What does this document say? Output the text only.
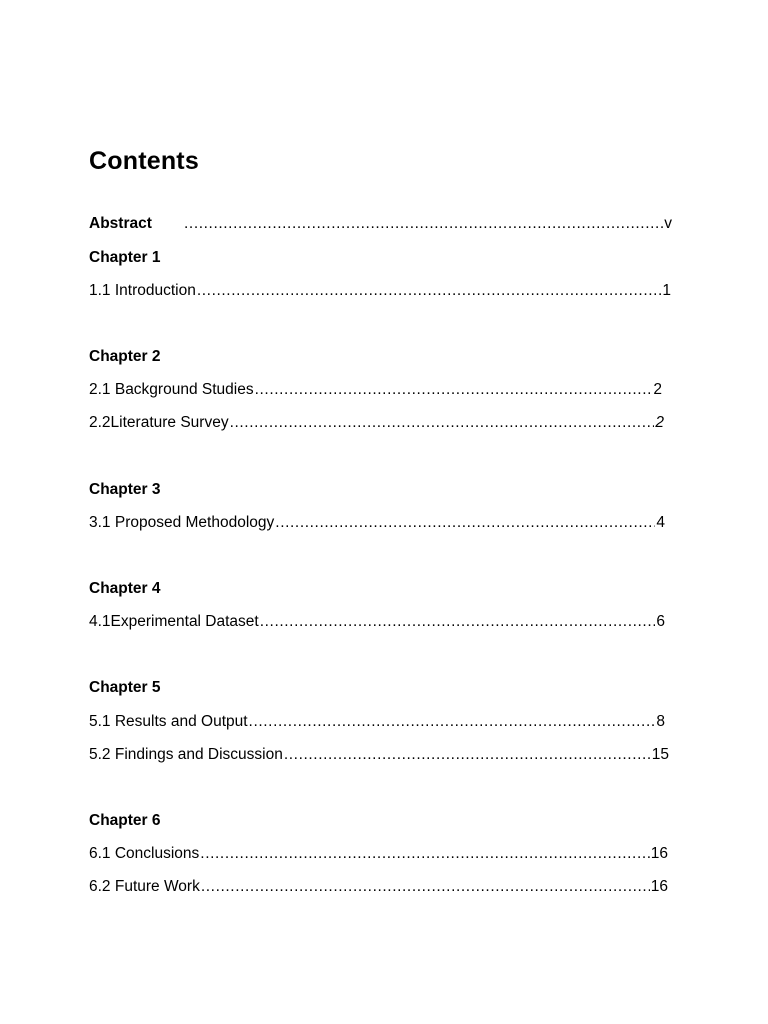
Contents
Abstract .....	v
Chapter 1
1.1 Introduction .....	1
Chapter 2
2.1 Background Studies .....	2
2.2Literature Survey .....	2
Chapter 3
3.1 Proposed Methodology .....	4
Chapter 4
4.1Experimental Dataset .....	6
Chapter 5
5.1 Results and Output .....	8
5.2 Findings and Discussion .....	15
Chapter 6
6.1 Conclusions .....	16
6.2 Future Work .....	16
